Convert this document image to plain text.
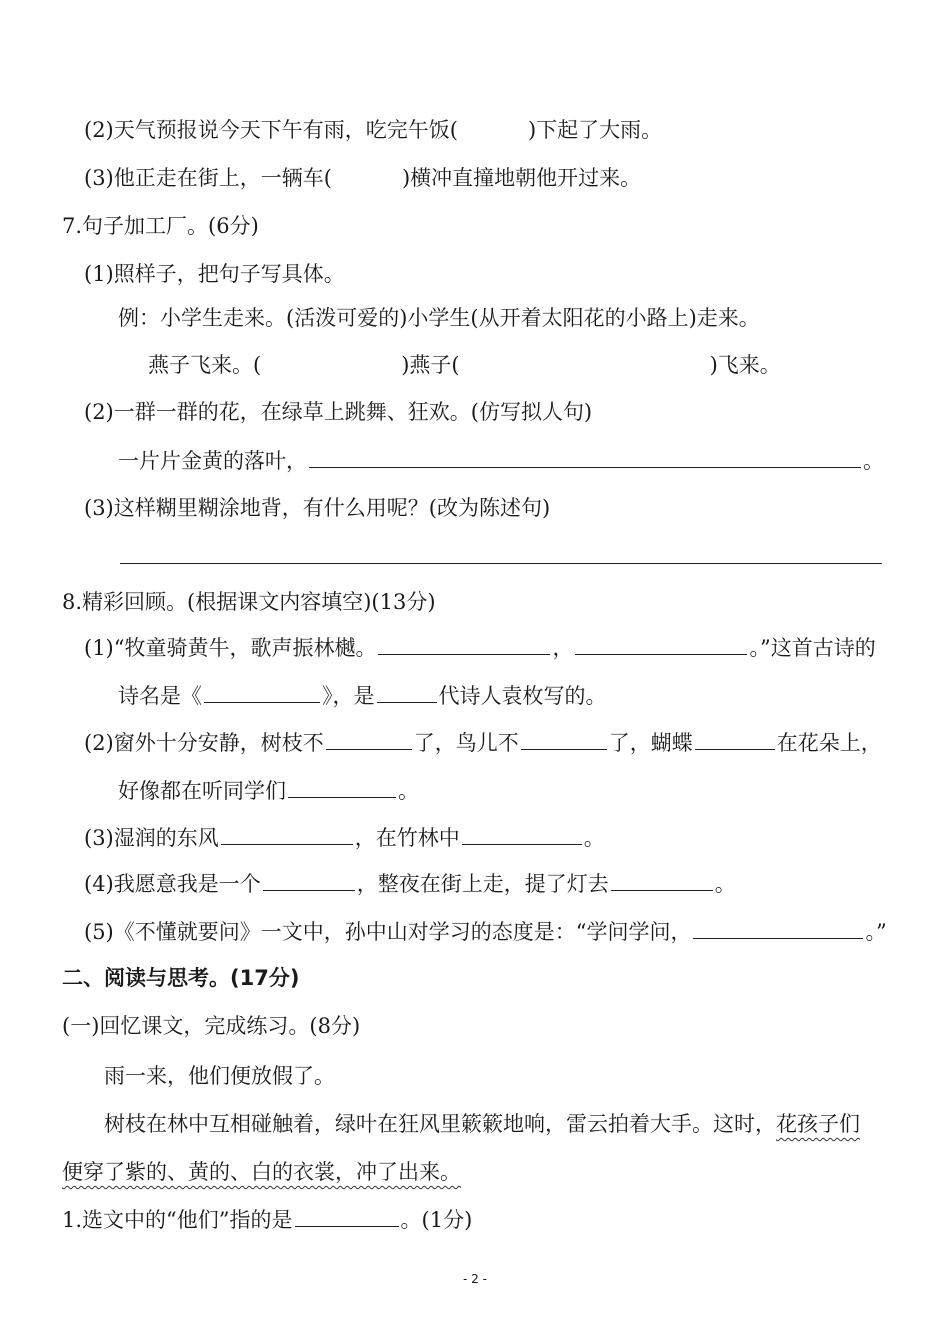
(2)天气预报说今天下午有雨，吃完午饭(	)下起了大雨。
(3)他正走在街上，一辆车(	)横冲直撞地朝他开过来。
7.句子加工厂。(6分)
(1)照样子，把句子写具体。
例：小学生走来。(活泼可爱的)小学生(从开着太阳花的小路上)走来。
燕子飞来。(	)燕子(	)飞来。
(2)一群一群的花，在绿草上跳舞、狂欢。(仿写拟人句)
一片片金黄的落叶，	。
(3)这样糊里糊涂地背，有什么用呢？(改为陈述句)
8.精彩回顾。(根据课文内容填空)(13分)
(1)“牧童骑黄牛，歌声振林樾。	，	。”这首古诗的
诗名是《	》，是	代诗人袁枚写的。
(2)窗外十分安静，树枝不	了，鸟儿不	了，蝴蝶	在花朵上，
好像都在听同学们	。
(3)湿润的东风	，在竹林中	。
(4)我愿意我是一个	，整夜在街上走，提了灯去	。
(5)《不懂就要问》一文中，孙中山对学习的态度是：“学问学问，	。”
二、阅读与思考。(17分)
(一)回忆课文，完成练习。(8分)
雨一来，他们便放假了。
树枝在林中互相碰触着，绿叶在狂风里簌簌地响，雷云拍着大手。这时，花孩子们
便穿了紫的、黄的、白的衣裳，冲了出来。
1.选文中的“他们”指的是	。(1分)
- 2 -
